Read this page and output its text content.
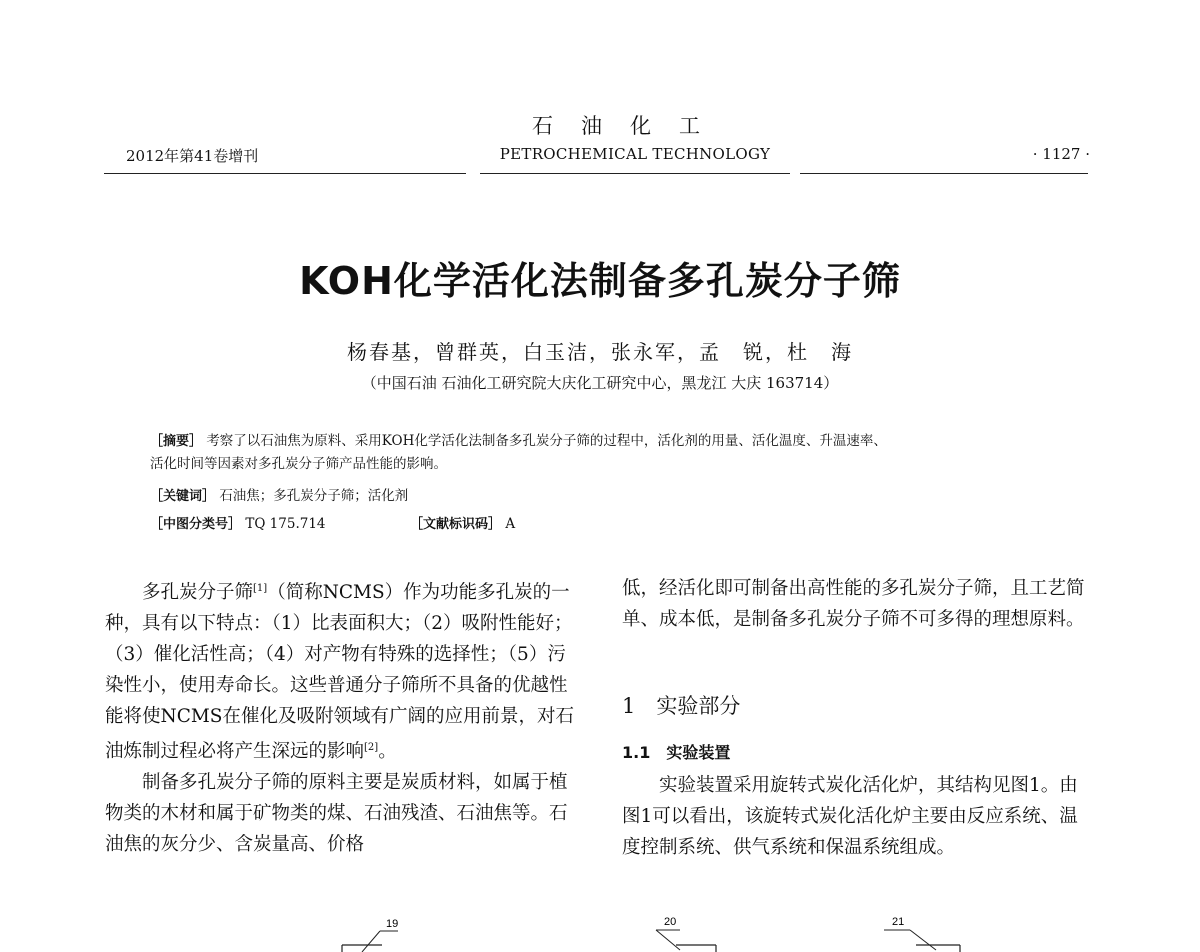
石油化工
2012年第41卷增刊	PETROCHEMICAL TECHNOLOGY	· 1127 ·
KOH化学活化法制备多孔炭分子筛
杨春基，曾群英，白玉洁，张永军，孟　锐，杜　海
（中国石油 石油化工研究院大庆化工研究中心，黑龙江 大庆 163714）
［摘要］ 考察了以石油焦为原料、采用KOH化学活化法制备多孔炭分子筛的过程中，活化剂的用量、活化温度、升温速率、
活化时间等因素对多孔炭分子筛产品性能的影响。
［关键词］ 石油焦；多孔炭分子筛；活化剂
［中图分类号］ TQ 175.714	［文献标识码］ A

多孔炭分子筛[1]（简称NCMS）作为功能多孔炭的一种，具有以下特点：（1）比表面积大；（2）吸附性能好；（3）催化活性高；（4）对产物有特殊的选择性；（5）污染性小，使用寿命长。这些普通分子筛所不具备的优越性能将使NCMS在催化及吸附领域有广阔的应用前景，对石油炼制过程必将产生深远的影响[2]。

制备多孔炭分子筛的原料主要是炭质材料，如属于植物类的木材和属于矿物类的煤、石油残渣、石油焦等。石油焦的灰分少、含炭量高、价格

低，经活化即可制备出高性能的多孔炭分子筛，且工艺简单、成本低，是制备多孔炭分子筛不可多得的理想原料。

1　实验部分
1.1　实验装置

实验装置采用旋转式炭化活化炉，其结构见图1。由图1可以看出，该旋转式炭化活化炉主要由反应系统、温度控制系统、供气系统和保温系统组成。

19	20	21
